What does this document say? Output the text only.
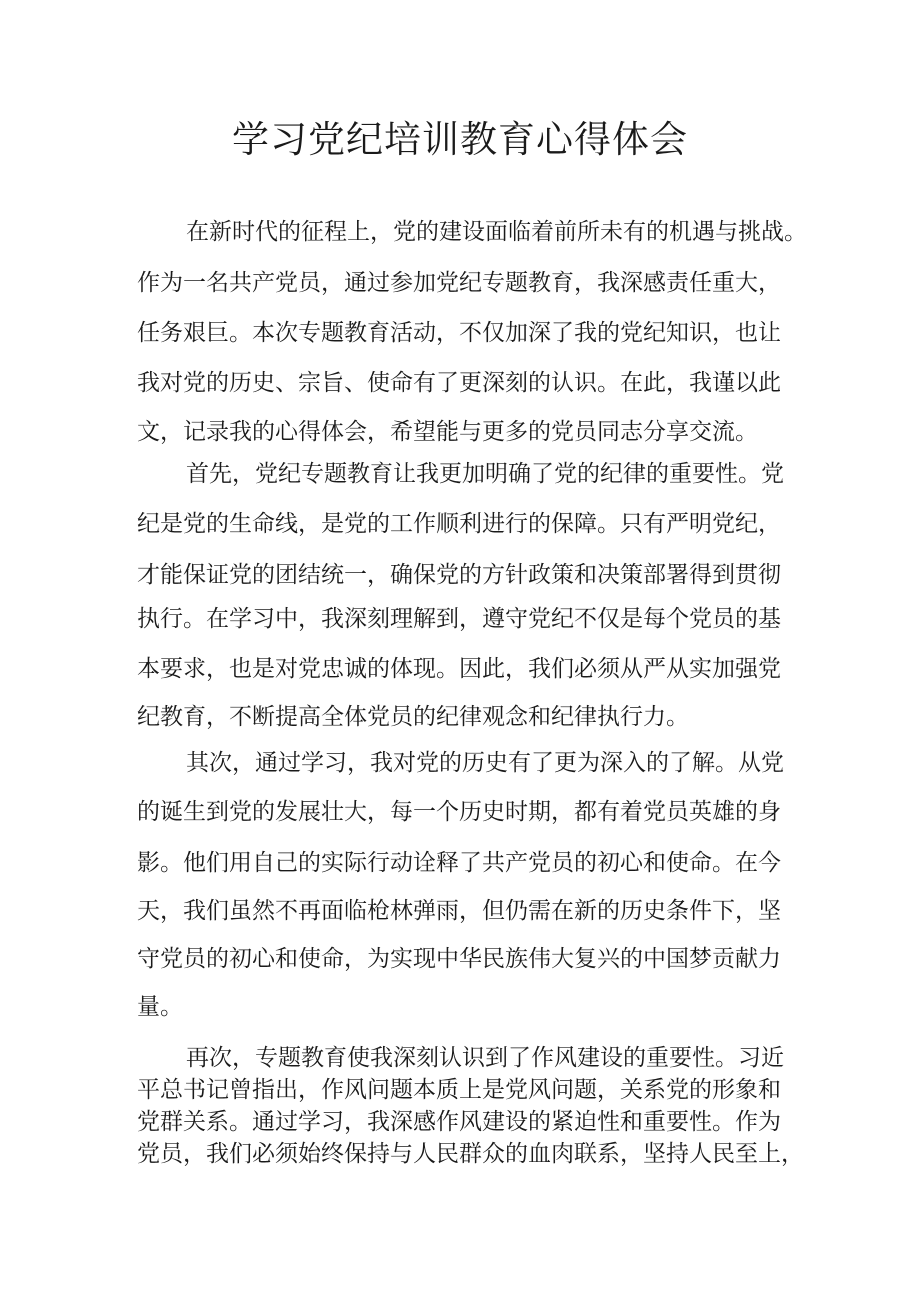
学习党纪培训教育心得体会

在新时代的征程上，党的建设面临着前所未有的机遇与挑战。

作为一名共产党员，通过参加党纪专题教育，我深感责任重大，

任务艰巨。本次专题教育活动，不仅加深了我的党纪知识，也让

我对党的历史、宗旨、使命有了更深刻的认识。在此，我谨以此

文，记录我的心得体会，希望能与更多的党员同志分享交流。

首先，党纪专题教育让我更加明确了党的纪律的重要性。党

纪是党的生命线，是党的工作顺利进行的保障。只有严明党纪，

才能保证党的团结统一，确保党的方针政策和决策部署得到贯彻

执行。在学习中，我深刻理解到，遵守党纪不仅是每个党员的基

本要求，也是对党忠诚的体现。因此，我们必须从严从实加强党

纪教育，不断提高全体党员的纪律观念和纪律执行力。

其次，通过学习，我对党的历史有了更为深入的了解。从党

的诞生到党的发展壮大，每一个历史时期，都有着党员英雄的身

影。他们用自己的实际行动诠释了共产党员的初心和使命。在今

天，我们虽然不再面临枪林弹雨，但仍需在新的历史条件下，坚

守党员的初心和使命，为实现中华民族伟大复兴的中国梦贡献力

量。

再次，专题教育使我深刻认识到了作风建设的重要性。习近

平总书记曾指出，作风问题本质上是党风问题，关系党的形象和

党群关系。通过学习，我深感作风建设的紧迫性和重要性。作为

党员，我们必须始终保持与人民群众的血肉联系，坚持人民至上，
